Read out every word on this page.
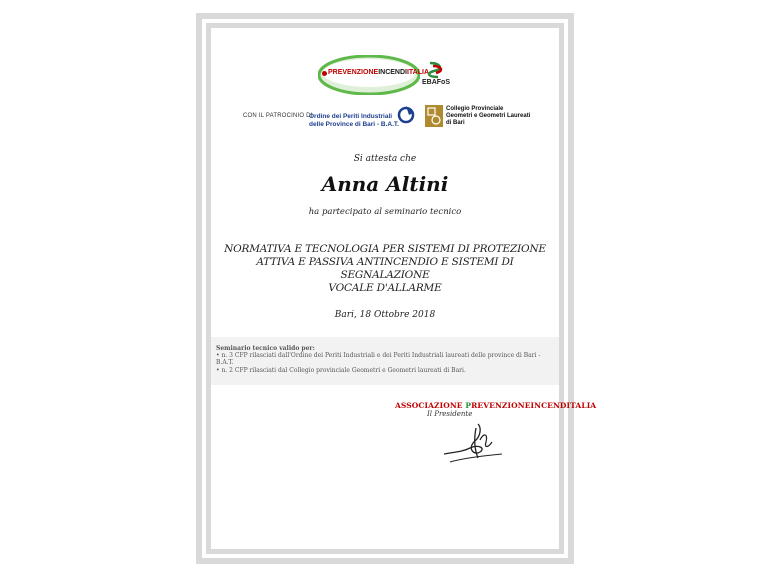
PREVENZIONEINCENDIITALIA
EBAFoS
CON IL PATROCINIO DI
Ordine dei Periti Industriali
delle Province di Bari - B.A.T.
Collegio Provinciale
Geometri e Geometri Laureati
di Bari
Si attesta che
Anna Altini
ha partecipato al seminario tecnico
NORMATIVA E TECNOLOGIA PER SISTEMI DI PROTEZIONE
ATTIVA E PASSIVA ANTINCENDIO E SISTEMI DI SEGNALAZIONE
VOCALE D'ALLARME
Bari, 18 Ottobre 2018
Seminario tecnico valido per:
• n. 3 CFP rilasciati dall'Ordine dei Periti Industriali e dei Periti Industriali laureati delle province di Bari - B.A.T.
• n. 2 CFP rilasciati dal Collegio provinciale Geometri e Geometri laureati di Bari.
ASSOCIAZIONE PREVENZIONEINCENDITALIA
Il Presidente
